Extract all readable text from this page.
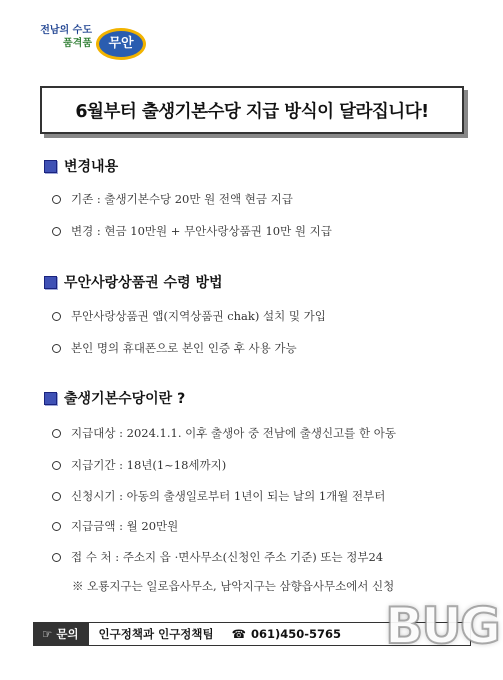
전남의 수도
품격품	무안
6월부터 출생기본수당 지급 방식이 달라집니다!
변경내용
기존 : 출생기본수당 20만 원 전액 현금 지급
변경 : 현금 10만원 + 무안사랑상품권 10만 원 지급
무안사랑상품권 수령 방법
무안사랑상품권 앱(지역상품권 chak) 설치 및 가입
본인 명의 휴대폰으로 본인 인증 후 사용 가능
출생기본수당이란 ?
지급대상 : 2024.1.1. 이후 출생아 중 전남에 출생신고를 한 아동
지급기간 : 18년(1~18세까지)
신청시기 : 아동의 출생일로부터 1년이 되는 날의 1개월 전부터
지급금액 : 월 20만원
접 수 처 : 주소지 읍 ·면사무소(신청인 주소 기준) 또는 정부24
※ 오룡지구는 일로읍사무소, 남악지구는 삼향읍사무소에서 신청
☞ 문의	인구정책과 인구정책팀 ☎ 061)450-5765 BUG
